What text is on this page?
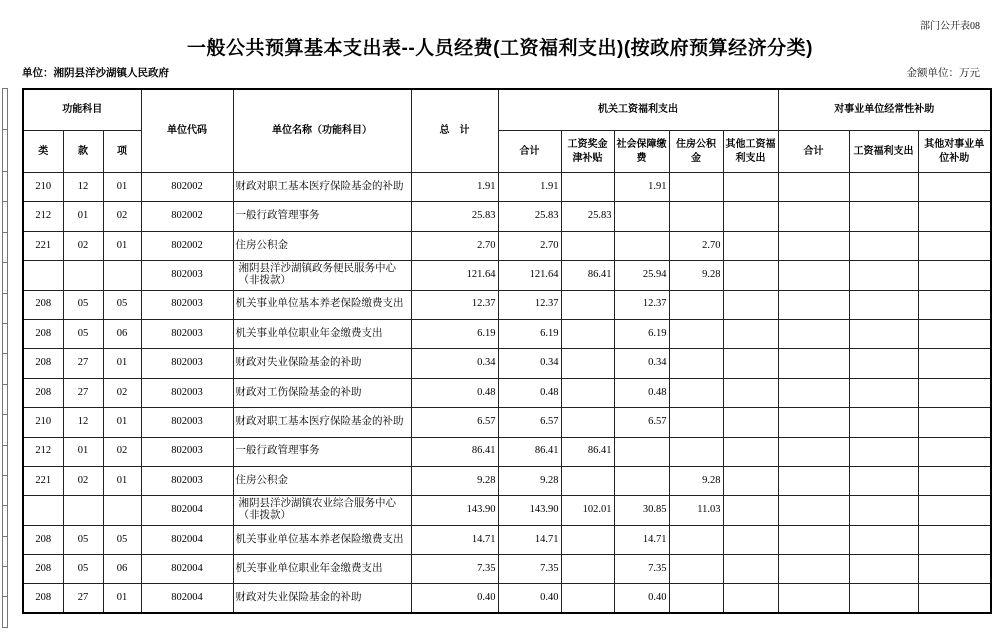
部门公开表08
一般公共预算基本支出表--人员经费(工资福利支出)(按政府预算经济分类)
单位：湘阴县洋沙湖镇人民政府	金额单位：万元

功能科目			单位代码	单位名称（功能科目）	总　计	机关工资福利支出					对事业单位经常性补助		
类	款	项				合计	工资奖金津补贴	社会保障缴费	住房公积金	其他工资福利支出	合计	工资福利支出	其他对事业单位补助
210	12	01	802002	财政对职工基本医疗保险基金的补助	1.91	1.91		1.91					
212	01	02	802002	一般行政管理事务	25.83	25.83	25.83						
221	02	01	802002	住房公积金	2.70	2.70			2.70				
			802003	湘阴县洋沙湖镇政务便民服务中心（非拨款）	121.64	121.64	86.41	25.94	9.28				
208	05	05	802003	机关事业单位基本养老保险缴费支出	12.37	12.37		12.37					
208	05	06	802003	机关事业单位职业年金缴费支出	6.19	6.19		6.19					
208	27	01	802003	财政对失业保险基金的补助	0.34	0.34		0.34					
208	27	02	802003	财政对工伤保险基金的补助	0.48	0.48		0.48					
210	12	01	802003	财政对职工基本医疗保险基金的补助	6.57	6.57		6.57					
212	01	02	802003	一般行政管理事务	86.41	86.41	86.41						
221	02	01	802003	住房公积金	9.28	9.28			9.28				
			802004	湘阴县洋沙湖镇农业综合服务中心（非拨款）	143.90	143.90	102.01	30.85	11.03				
208	05	05	802004	机关事业单位基本养老保险缴费支出	14.71	14.71		14.71					
208	05	06	802004	机关事业单位职业年金缴费支出	7.35	7.35		7.35					
208	27	01	802004	财政对失业保险基金的补助	0.40	0.40		0.40					
